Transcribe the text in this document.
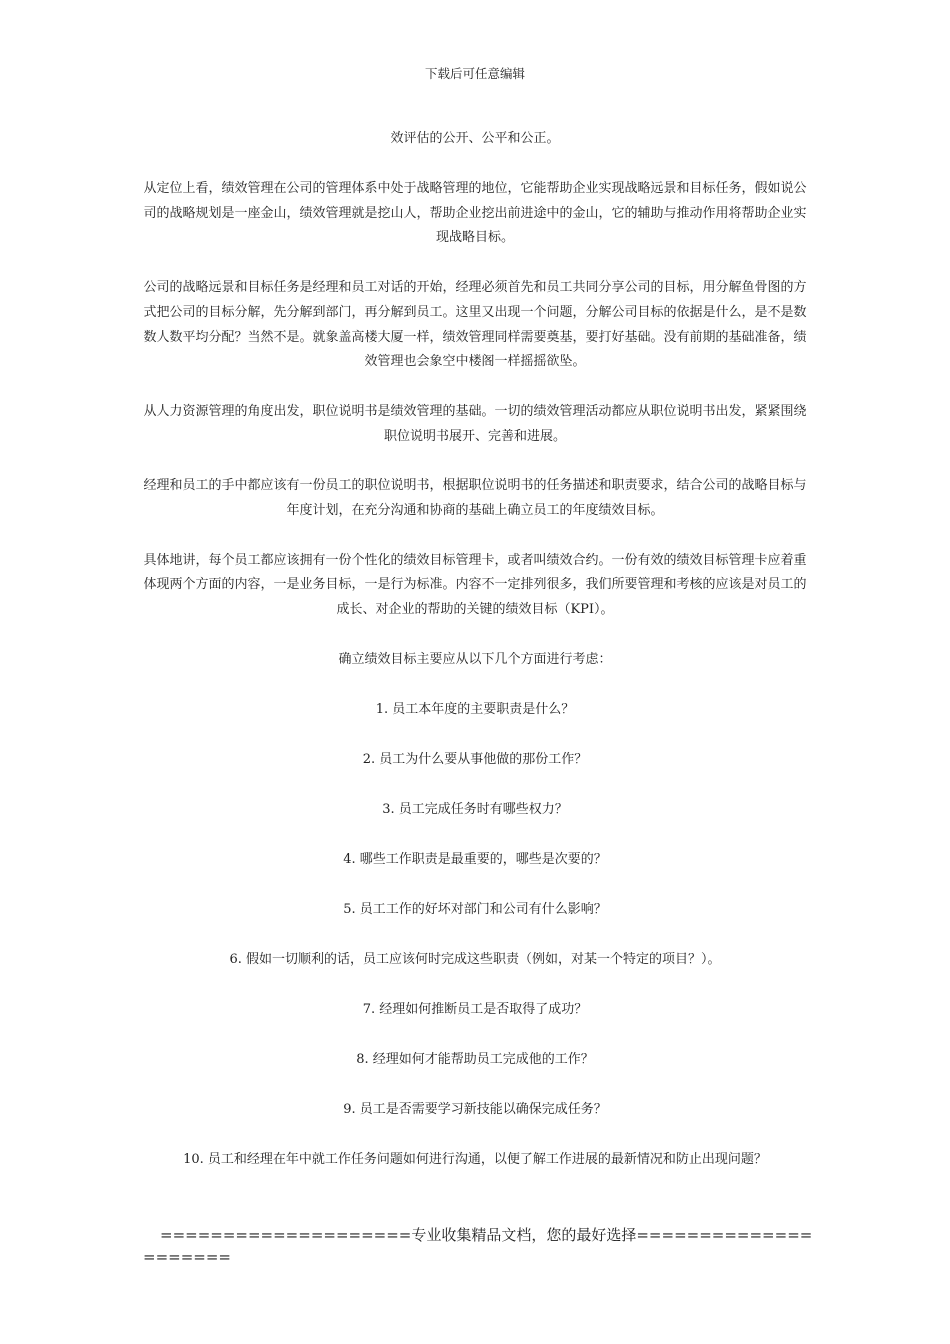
下载后可任意编辑

效评估的公开、公平和公正。

从定位上看，绩效管理在公司的管理体系中处于战略管理的地位，它能帮助企业实现战略远景和目标任务，假如说公司的战略规划是一座金山，绩效管理就是挖山人，帮助企业挖出前进途中的金山，它的辅助与推动作用将帮助企业实现战略目标。

公司的战略远景和目标任务是经理和员工对话的开始，经理必须首先和员工共同分享公司的目标，用分解鱼骨图的方式把公司的目标分解，先分解到部门，再分解到员工。这里又出现一个问题，分解公司目标的依据是什么，是不是数数人数平均分配？当然不是。就象盖高楼大厦一样，绩效管理同样需要奠基，要打好基础。没有前期的基础准备，绩效管理也会象空中楼阁一样摇摇欲坠。

从人力资源管理的角度出发，职位说明书是绩效管理的基础。一切的绩效管理活动都应从职位说明书出发，紧紧围绕职位说明书展开、完善和进展。

经理和员工的手中都应该有一份员工的职位说明书，根据职位说明书的任务描述和职责要求，结合公司的战略目标与年度计划，在充分沟通和协商的基础上确立员工的年度绩效目标。

具体地讲，每个员工都应该拥有一份个性化的绩效目标管理卡，或者叫绩效合约。一份有效的绩效目标管理卡应着重体现两个方面的内容，一是业务目标，一是行为标准。内容不一定排列很多，我们所要管理和考核的应该是对员工的成长、对企业的帮助的关键的绩效目标（KPI）。

确立绩效目标主要应从以下几个方面进行考虑：

1. 员工本年度的主要职责是什么？

2. 员工为什么要从事他做的那份工作？

3. 员工完成任务时有哪些权力？

4. 哪些工作职责是最重要的，哪些是次要的？

5. 员工工作的好坏对部门和公司有什么影响？

6. 假如一切顺利的话，员工应该何时完成这些职责（例如，对某一个特定的项目？）。

7. 经理如何推断员工是否取得了成功？

8. 经理如何才能帮助员工完成他的工作？

9. 员工是否需要学习新技能以确保完成任务？

10. 员工和经理在年中就工作任务问题如何进行沟通，以便了解工作进展的最新情况和防止出现问题？

====================专业收集精品文档，您的最好选择=====================
